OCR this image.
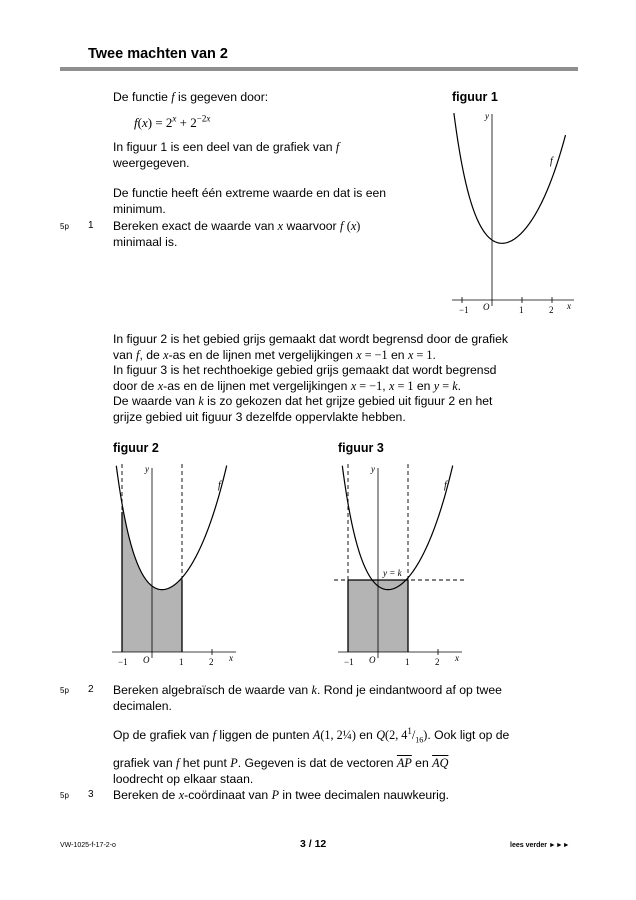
Twee machten van 2
De functie f is gegeven door:
$f(x) = 2^x + 2^{-2x}$
In figuur 1 is een deel van de grafiek van f
weergegeven.
De functie heeft één extreme waarde en dat is een
minimum.
5p 1 Bereken exact de waarde van x waarvoor f (x)
minimaal is.
figuur 1
−1	1	2
O	x
y
f
In figuur 2 is het gebied grijs gemaakt dat wordt begrensd door de grafiek
van f, de x-as en de lijnen met vergelijkingen x = −1 en x = 1.
In figuur 3 is het rechthoekige gebied grijs gemaakt dat wordt begrensd
door de x-as en de lijnen met vergelijkingen x = −1, x = 1 en y = k.
De waarde van k is zo gekozen dat het grijze gebied uit figuur 2 en het
grijze gebied uit figuur 3 dezelfde oppervlakte hebben.
figuur 2
−1	1	2
O	x
y
f
figuur 3
y = k
−1	1	2
O	x
y
f
5p 2 Bereken algebraïsch de waarde van k. Rond je eindantwoord af op twee
decimalen.
Op de grafiek van f liggen de punten A(1, 2¼) en Q(2, $4^1/_{16}$). Ook ligt op de
grafiek van f het punt P. Gegeven is dat de vectoren $\overline{AP}$ en $\overline{AQ}$
loodrecht op elkaar staan.
5p 3 Bereken de x-coördinaat van P in twee decimalen nauwkeurig.
VW-1025-f-17-2-o	3 / 12	lees verder ►►►
